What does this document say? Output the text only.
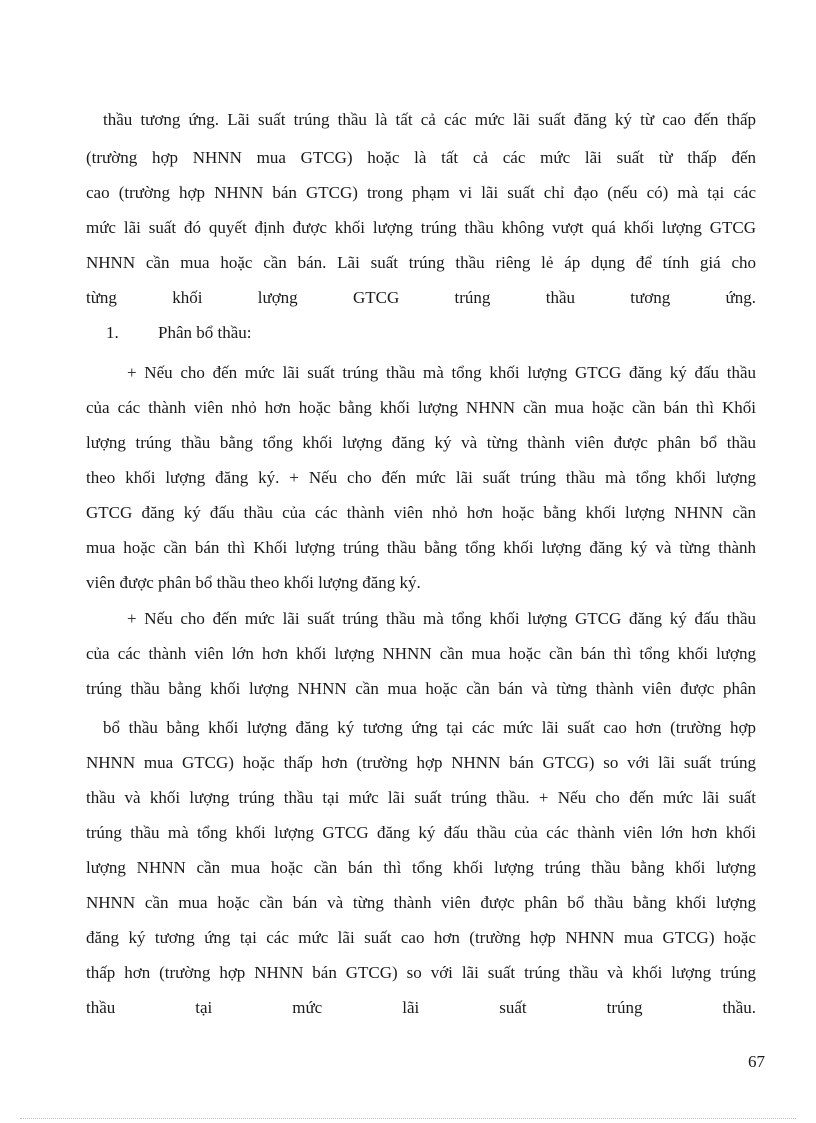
thầu tương ứng. Lãi suất trúng thầu là tất cả các mức lãi suất đăng ký từ cao đến thấp
(trường hợp NHNN mua GTCG) hoặc là tất cả các mức lãi suất từ thấp đến
cao (trường hợp NHNN bán GTCG) trong phạm vi lãi suất chỉ đạo (nếu có) mà tại các
mức lãi suất đó quyết định được khối lượng trúng thầu không vượt quá khối lượng GTCG
NHNN cần mua hoặc cần bán. Lãi suất trúng thầu riêng lẻ áp dụng để tính giá cho
từng khối lượng GTCG trúng thầu tương ứng.
1. Phân bổ thầu:
+ Nếu cho đến mức lãi suất trúng thầu mà tổng khối lượng GTCG đăng ký đấu thầu
của các thành viên nhỏ hơn hoặc bằng khối lượng NHNN cần mua hoặc cần bán thì Khối
lượng trúng thầu bằng tổng khối lượng đăng ký và từng thành viên được phân bổ thầu
theo khối lượng đăng ký. + Nếu cho đến mức lãi suất trúng thầu mà tổng khối lượng
GTCG đăng ký đấu thầu của các thành viên nhỏ hơn hoặc bằng khối lượng NHNN cần
mua hoặc cần bán thì Khối lượng trúng thầu bằng tổng khối lượng đăng ký và từng thành
viên được phân bổ thầu theo khối lượng đăng ký.
+ Nếu cho đến mức lãi suất trúng thầu mà tổng khối lượng GTCG đăng ký đấu thầu
của các thành viên lớn hơn khối lượng NHNN cần mua hoặc cần bán thì tổng khối lượng
trúng thầu bằng khối lượng NHNN cần mua hoặc cần bán và từng thành viên được phân
bổ thầu bằng khối lượng đăng ký tương ứng tại các mức lãi suất cao hơn (trường hợp
NHNN mua GTCG) hoặc thấp hơn (trường hợp NHNN bán GTCG) so với lãi suất trúng
thầu và khối lượng trúng thầu tại mức lãi suất trúng thầu. + Nếu cho đến mức lãi suất
trúng thầu mà tổng khối lượng GTCG đăng ký đấu thầu của các thành viên lớn hơn khối
lượng NHNN cần mua hoặc cần bán thì tổng khối lượng trúng thầu bằng khối lượng
NHNN cần mua hoặc cần bán và từng thành viên được phân bổ thầu bằng khối lượng
đăng ký tương ứng tại các mức lãi suất cao hơn (trường hợp NHNN mua GTCG) hoặc
thấp hơn (trường hợp NHNN bán GTCG) so với lãi suất trúng thầu và khối lượng trúng
thầu tại mức lãi suất trúng thầu.
67
